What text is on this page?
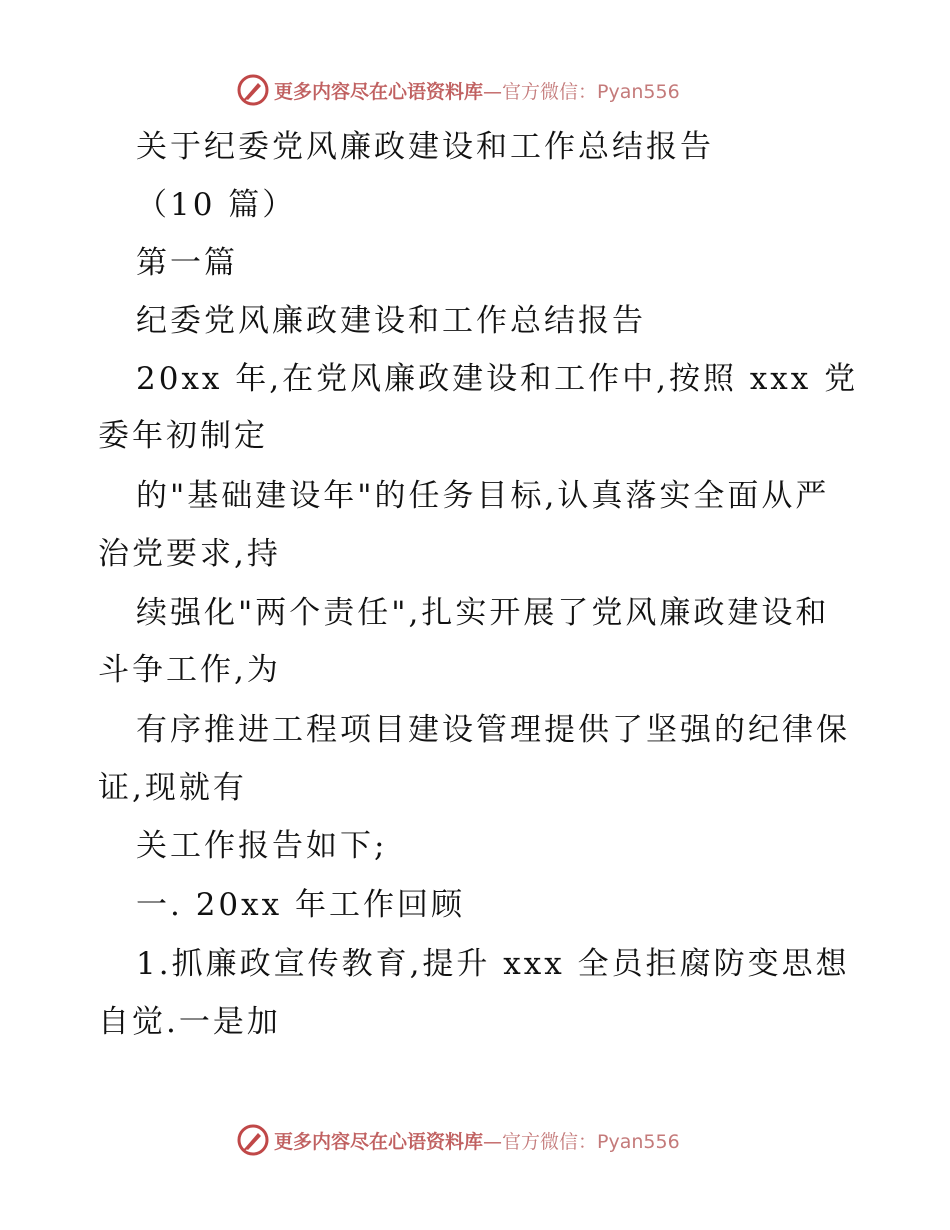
更多内容尽在心语资料库—官方微信：Pyan556
关于纪委党风廉政建设和工作总结报告
（10 篇）
第一篇
纪委党风廉政建设和工作总结报告
20xx 年,在党风廉政建设和工作中,按照 xxx 党
委年初制定
的"基础建设年"的任务目标,认真落实全面从严
治党要求,持
续强化"两个责任",扎实开展了党风廉政建设和
斗争工作,为
有序推进工程项目建设管理提供了坚强的纪律保
证,现就有
关工作报告如下;
一. 20xx 年工作回顾
1.抓廉政宣传教育,提升 xxx 全员拒腐防变思想
自觉.一是加
更多内容尽在心语资料库—官方微信：Pyan556
